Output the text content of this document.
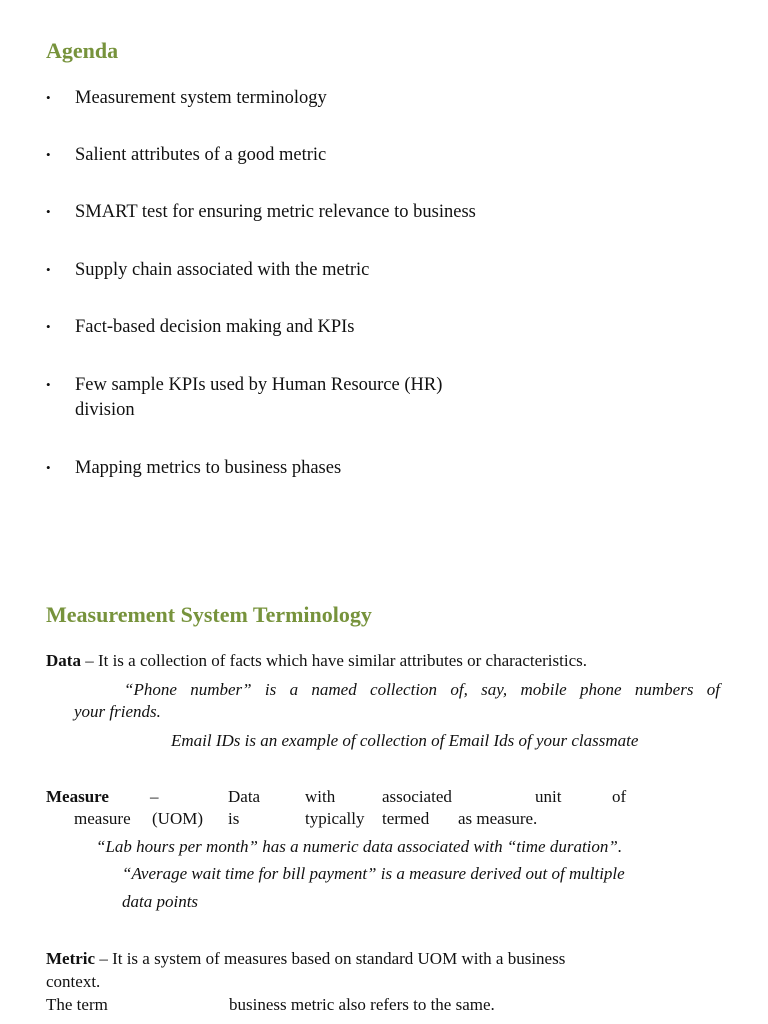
Agenda
• Measurement system terminology
• Salient attributes of a good metric
• SMART test for ensuring metric relevance to business
• Supply chain associated with the metric
• Fact-based decision making and KPIs
• Few sample KPIs used by Human Resource (HR)
division
• Mapping metrics to business phases
Measurement System Terminology
Data – It is a collection of facts which have similar attributes or characteristics.
“Phone number” is a named collection of, say, mobile phone numbers of
your friends.
Email IDs is an example of collection of Email Ids of your classmate
Measure –	Data	with	associated	unit	of
measure (UOM) is	typically termed as measure.
“Lab hours per month” has a numeric data associated with “time duration”.
“Average wait time for bill payment” is a measure derived out of multiple
data points
Metric – It is a system of measures based on standard UOM with a business
context.
The term	business metric also refers to the same.
